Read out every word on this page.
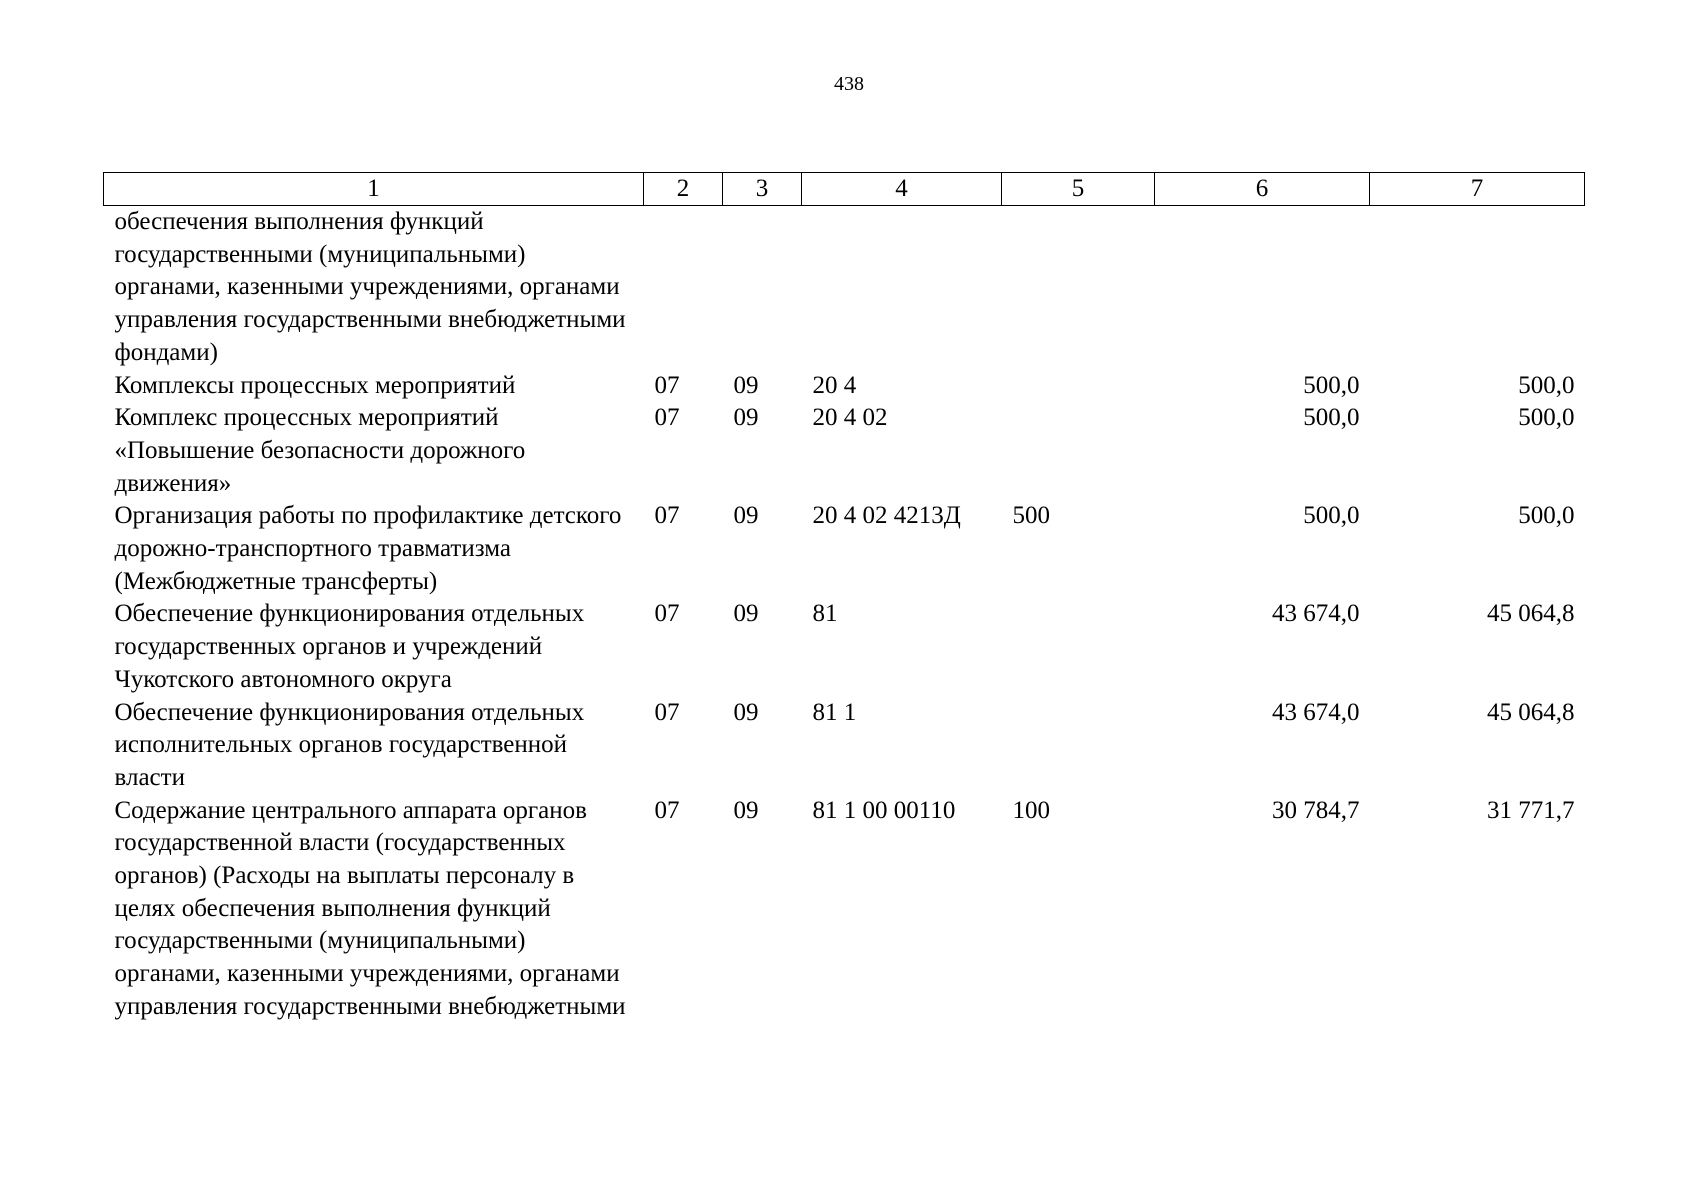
438
1	2	3	4	5	6	7
обеспечения выполнения функций государственными (муниципальными) органами, казенными учреждениями, органами управления государственными внебюджетными фондами)						
Комплексы процессных мероприятий	07	09	20 4		500,0	500,0
Комплекс процессных мероприятий «Повышение безопасности дорожного движения»	07	09	20 4 02		500,0	500,0
Организация работы по профилактике детского дорожно-транспортного травматизма (Межбюджетные трансферты)	07	09	20 4 02 4213Д	500	500,0	500,0
Обеспечение функционирования отдельных государственных органов и учреждений Чукотского автономного округа	07	09	81		43 674,0	45 064,8
Обеспечение функционирования отдельных исполнительных органов государственной власти	07	09	81 1		43 674,0	45 064,8
Содержание центрального аппарата органов государственной власти (государственных органов) (Расходы на выплаты персоналу в целях обеспечения выполнения функций государственными (муниципальными) органами, казенными учреждениями, органами управления государственными внебюджетными	07	09	81 1 00 00110	100	30 784,7	31 771,7
